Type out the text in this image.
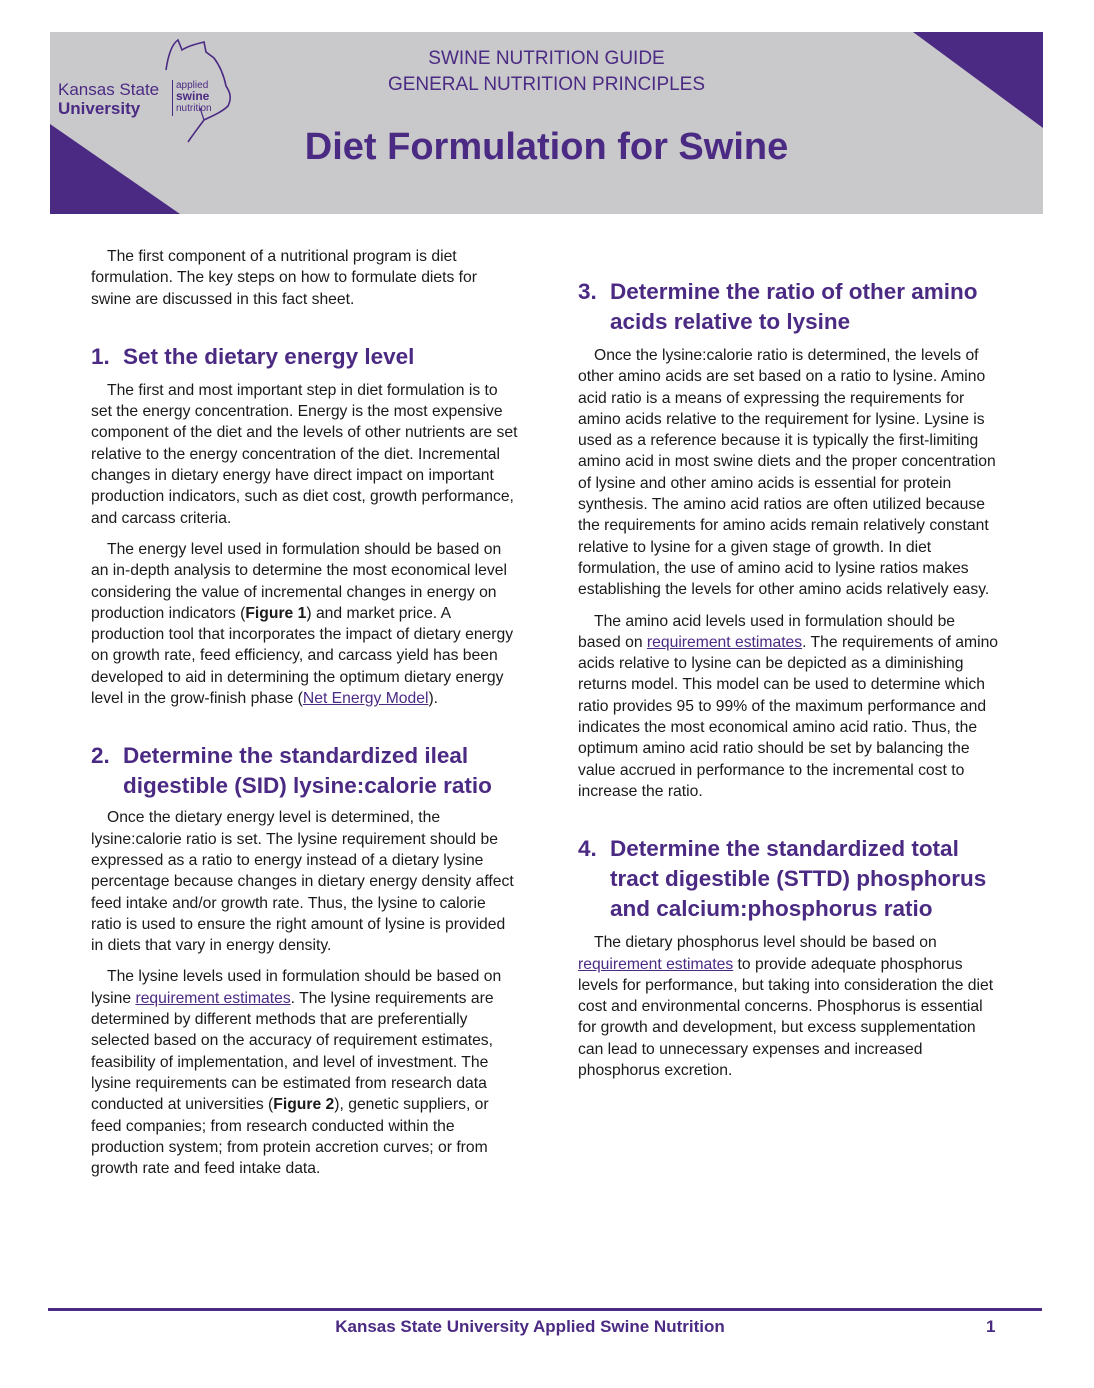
Kansas State
University
applied
swine
nutrition
SWINE NUTRITION GUIDE
GENERAL NUTRITION PRINCIPLES
Diet Formulation for Swine

The first component of a nutritional program is diet formulation. The key steps on how to formulate diets for swine are discussed in this fact sheet.

1. Set the dietary energy level

The first and most important step in diet formulation is to set the energy concentration. Energy is the most expensive component of the diet and the levels of other nutrients are set relative to the energy concentration of the diet. Incremental changes in dietary energy have direct impact on important production indicators, such as diet cost, growth performance, and carcass criteria.

The energy level used in formulation should be based on an in-depth analysis to determine the most economical level considering the value of incremental changes in energy on production indicators (Figure 1) and market price. A production tool that incorporates the impact of dietary energy on growth rate, feed efficiency, and carcass yield has been developed to aid in determining the optimum dietary energy level in the grow-finish phase (Net Energy Model).

2. Determine the standardized ileal
digestible (SID) lysine:calorie ratio

Once the dietary energy level is determined, the lysine:calorie ratio is set. The lysine requirement should be expressed as a ratio to energy instead of a dietary lysine percentage because changes in dietary energy density affect feed intake and/or growth rate. Thus, the lysine to calorie ratio is used to ensure the right amount of lysine is provided in diets that vary in energy density.

The lysine levels used in formulation should be based on lysine requirement estimates. The lysine requirements are determined by different methods that are preferentially selected based on the accuracy of requirement estimates, feasibility of implementation, and level of investment. The lysine requirements can be estimated from research data conducted at universities (Figure 2), genetic suppliers, or feed companies; from research conducted within the production system; from protein accretion curves; or from growth rate and feed intake data.

3. Determine the ratio of other amino
acids relative to lysine

Once the lysine:calorie ratio is determined, the levels of other amino acids are set based on a ratio to lysine. Amino acid ratio is a means of expressing the requirements for amino acids relative to the requirement for lysine. Lysine is used as a reference because it is typically the first-limiting amino acid in most swine diets and the proper concentration of lysine and other amino acids is essential for protein synthesis. The amino acid ratios are often utilized because the requirements for amino acids remain relatively constant relative to lysine for a given stage of growth. In diet formulation, the use of amino acid to lysine ratios makes establishing the levels for other amino acids relatively easy.

The amino acid levels used in formulation should be based on requirement estimates. The requirements of amino acids relative to lysine can be depicted as a diminishing returns model. This model can be used to determine which ratio provides 95 to 99% of the maximum performance and indicates the most economical amino acid ratio. Thus, the optimum amino acid ratio should be set by balancing the value accrued in performance to the incremental cost to increase the ratio.

4. Determine the standardized total
tract digestible (STTD) phosphorus
and calcium:phosphorus ratio

The dietary phosphorus level should be based on requirement estimates to provide adequate phosphorus levels for performance, but taking into consideration the diet cost and environmental concerns. Phosphorus is essential for growth and development, but excess supplementation can lead to unnecessary expenses and increased phosphorus excretion.

Kansas State University Applied Swine Nutrition	1
